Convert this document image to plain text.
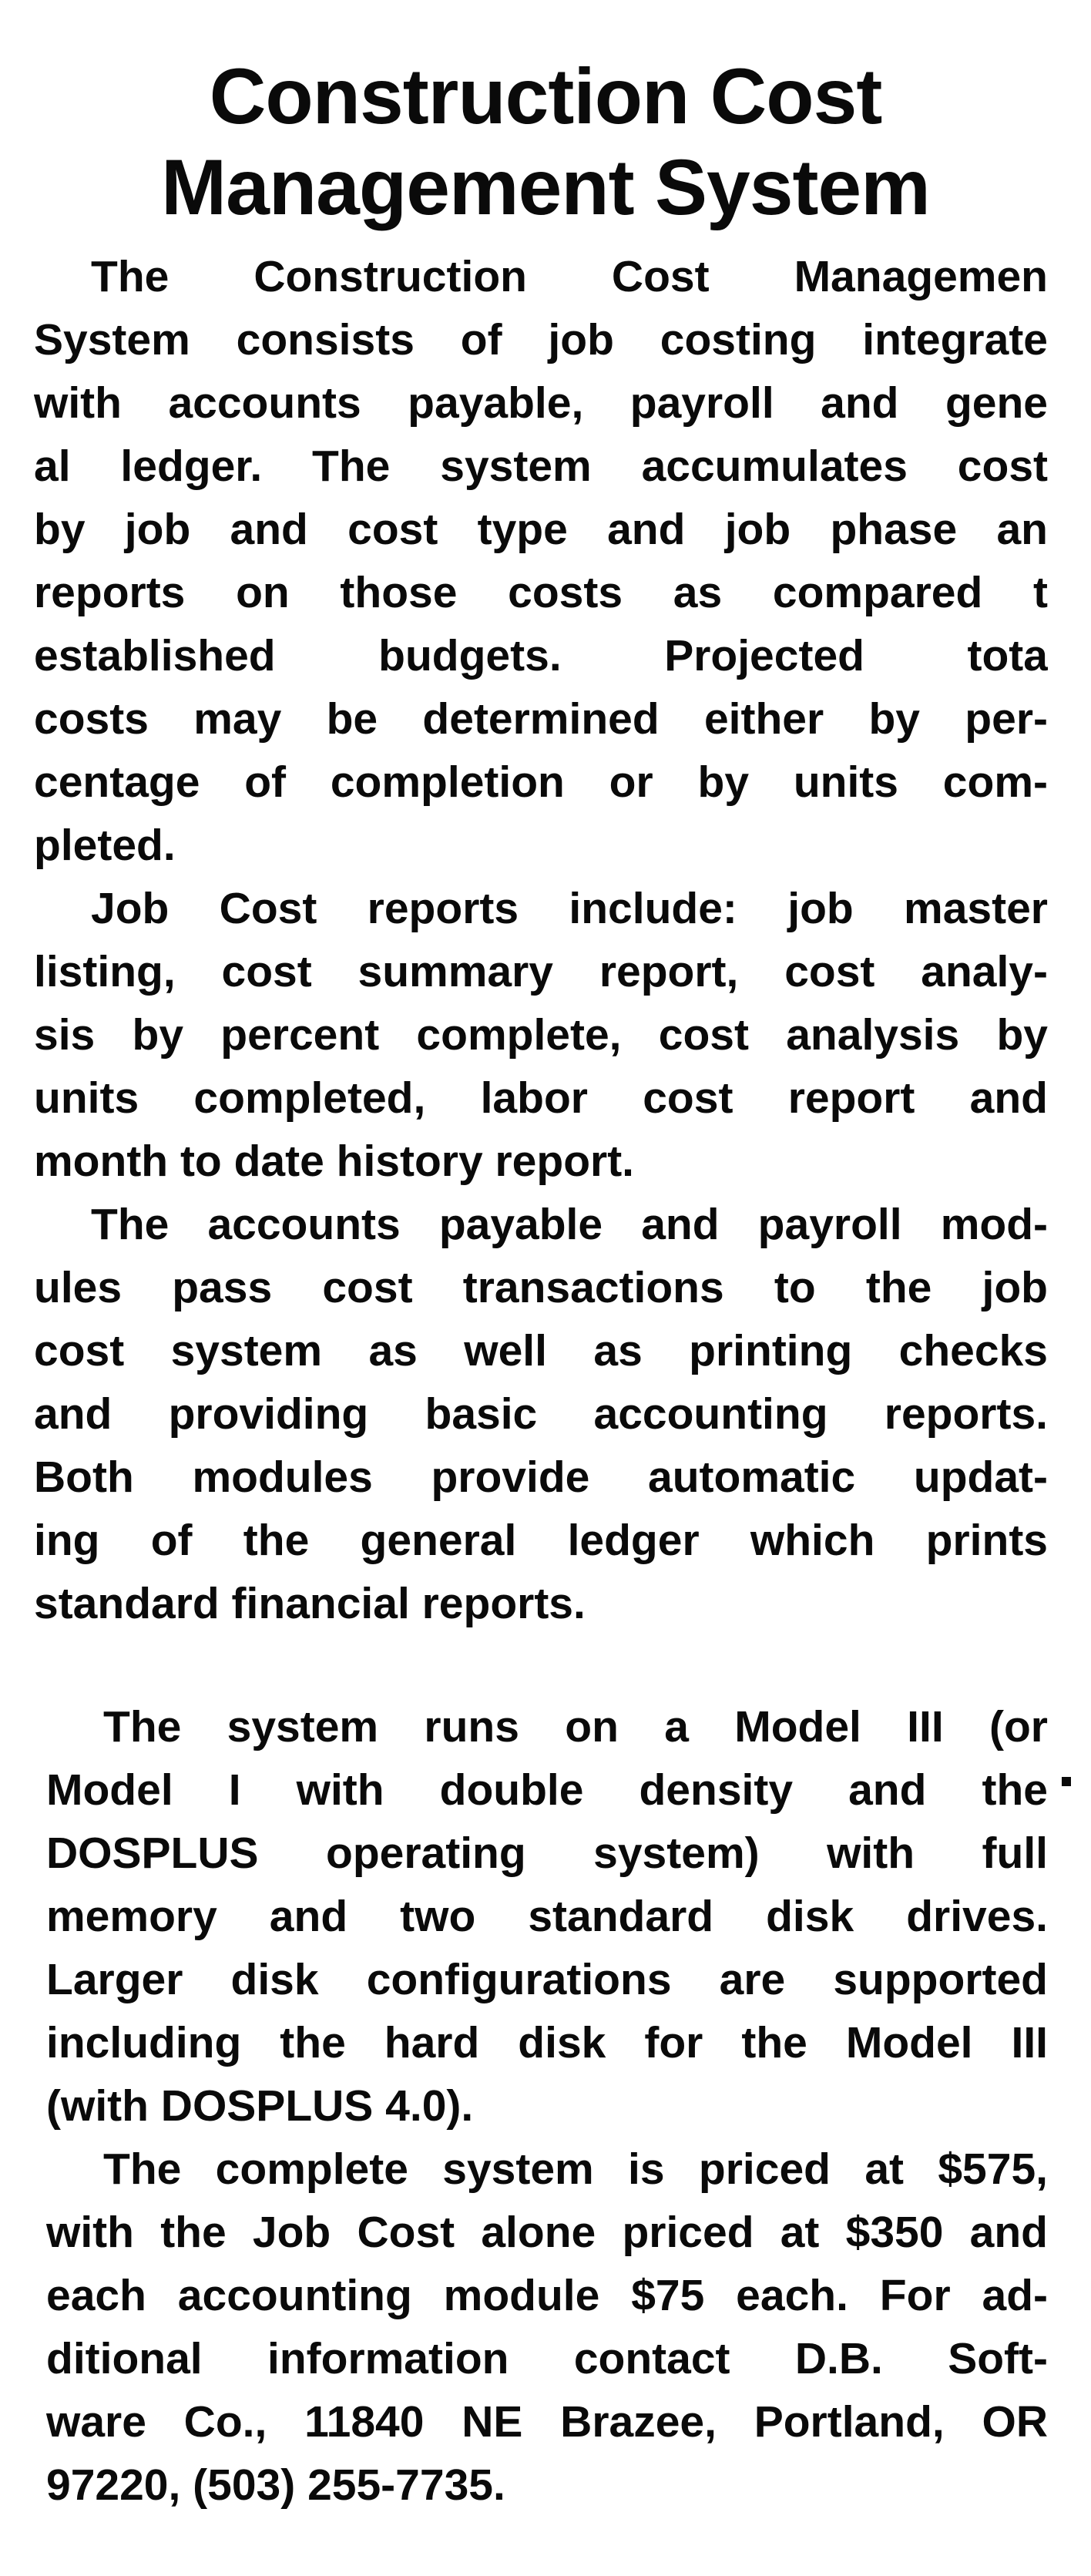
Construction Cost
Management System
The Construction Cost Managemen
System consists of job costing integrate
with accounts payable, payroll and gene
al ledger. The system accumulates cost
by job and cost type and job phase an
reports on those costs as compared t
established budgets. Projected tota
costs may be determined either by per-
centage of completion or by units com-
pleted.
Job Cost reports include: job master
listing, cost summary report, cost analy-
sis by percent complete, cost analysis by
units completed, labor cost report and
month to date history report.
The accounts payable and payroll mod-
ules pass cost transactions to the job
cost system as well as printing checks
and providing basic accounting reports.
Both modules provide automatic updat-
ing of the general ledger which prints
standard financial reports.
The system runs on a Model III (or
Model I with double density and the
DOSPLUS operating system) with full
memory and two standard disk drives.
Larger disk configurations are supported
including the hard disk for the Model III
(with DOSPLUS 4.0).
The complete system is priced at $575,
with the Job Cost alone priced at $350 and
each accounting module $75 each. For ad-
ditional information contact D.B. Soft-
ware Co., 11840 NE Brazee, Portland, OR
97220, (503) 255-7735.
